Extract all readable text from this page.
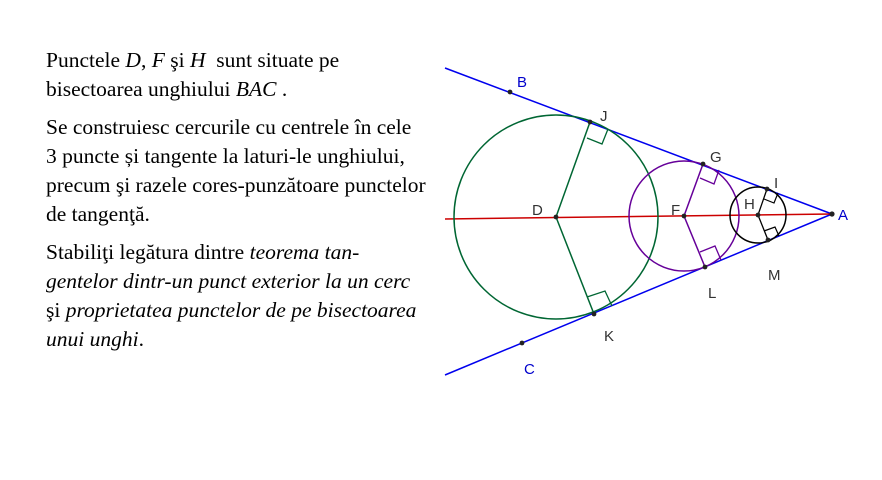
Punctele D, F şi H  sunt situate pe bisectoarea unghiului BAC .

Se construiesc cercurile cu centrele în cele 3 puncte și tangente la laturi-le unghiului, precum şi razele cores-punzătoare punctelor de tangenţă.

Stabiliţi legătura dintre teorema tan-gentelor dintr-un punct exterior la un cerc şi proprietatea punctelor de pe bisectoarea unui unghi.

A
B
C
D	F	H
J
K
G
L
I
M
